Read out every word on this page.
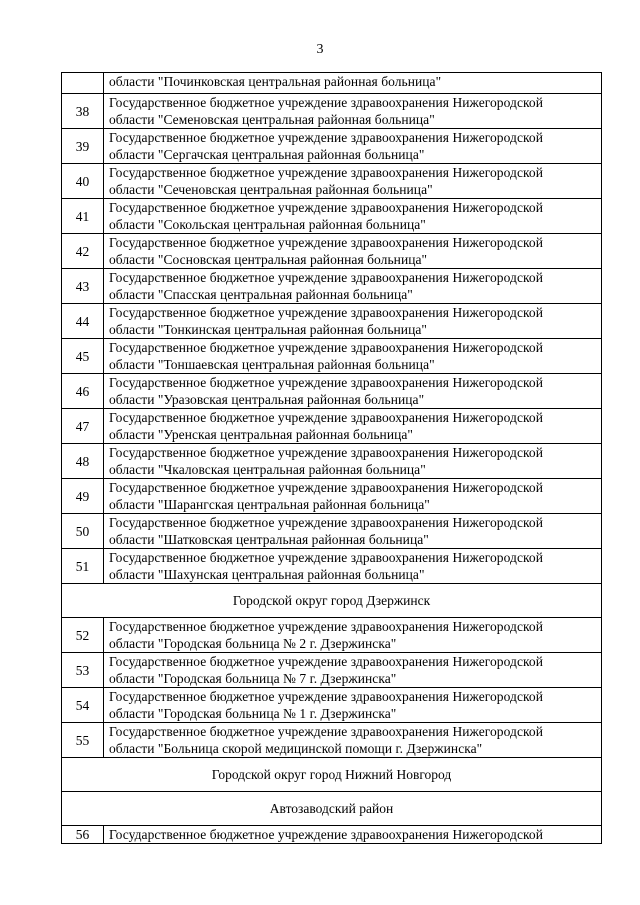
3

	области "Починковская центральная районная больница"

38	Государственное бюджетное учреждение здравоохранения Нижегородской
области "Семеновская центральная районная больница"

39	Государственное бюджетное учреждение здравоохранения Нижегородской
области "Сергачская центральная районная больница"

40	Государственное бюджетное учреждение здравоохранения Нижегородской
области "Сеченовская центральная районная больница"

41	Государственное бюджетное учреждение здравоохранения Нижегородской
области "Сокольская центральная районная больница"

42	Государственное бюджетное учреждение здравоохранения Нижегородской
области "Сосновская центральная районная больница"

43	Государственное бюджетное учреждение здравоохранения Нижегородской
области "Спасская центральная районная больница"

44	Государственное бюджетное учреждение здравоохранения Нижегородской
области "Тонкинская центральная районная больница"

45	Государственное бюджетное учреждение здравоохранения Нижегородской
области "Тоншаевская центральная районная больница"

46	Государственное бюджетное учреждение здравоохранения Нижегородской
области "Уразовская центральная районная больница"

47	Государственное бюджетное учреждение здравоохранения Нижегородской
области "Уренская центральная районная больница"

48	Государственное бюджетное учреждение здравоохранения Нижегородской
области "Чкаловская центральная районная больница"

49	Государственное бюджетное учреждение здравоохранения Нижегородской
области "Шарангская центральная районная больница"

50	Государственное бюджетное учреждение здравоохранения Нижегородской
области "Шатковская центральная районная больница"

51	Государственное бюджетное учреждение здравоохранения Нижегородской
области "Шахунская центральная районная больница"

Городской округ город Дзержинск	
52	Государственное бюджетное учреждение здравоохранения Нижегородской
области "Городская больница № 2 г. Дзержинска"

53	Государственное бюджетное учреждение здравоохранения Нижегородской
области "Городская больница № 7 г. Дзержинска"

54	Государственное бюджетное учреждение здравоохранения Нижегородской
области "Городская больница № 1 г. Дзержинска"

55	Государственное бюджетное учреждение здравоохранения Нижегородской
области "Больница скорой медицинской помощи г. Дзержинска"

Городской округ город Нижний Новгород	
Автозаводский район	
56	Государственное бюджетное учреждение здравоохранения Нижегородской
